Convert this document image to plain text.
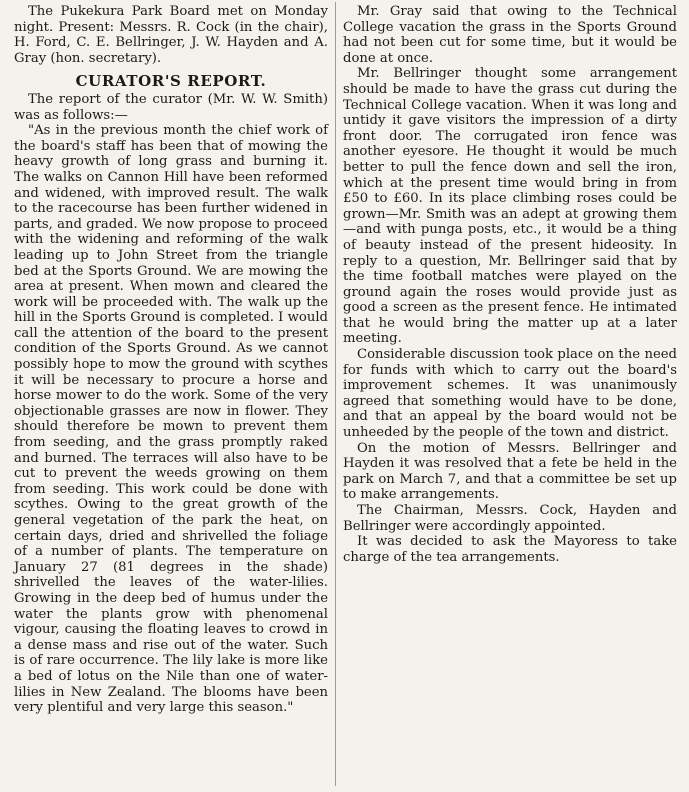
The Pukekura Park Board met on Monday night. Present: Messrs. R. Cock (in the chair), H. Ford, C. E. Bellringer, J. W. Hayden and A. Gray (hon. secretary).

CURATOR'S REPORT.

The report of the curator (Mr. W. W. Smith) was as follows:—

"As in the previous month the chief work of the board's staff has been that of mowing the heavy growth of long grass and burning it. The walks on Cannon Hill have been reformed and widened, with improved result. The walk to the racecourse has been further widened in parts, and graded. We now propose to proceed with the widening and reforming of the walk leading up to John Street from the triangle bed at the Sports Ground. We are mowing the area at present. When mown and cleared the work will be proceeded with. The walk up the hill in the Sports Ground is completed. I would call the attention of the board to the present condition of the Sports Ground. As we cannot possibly hope to mow the ground with scythes it will be necessary to procure a horse and horse mower to do the work. Some of the very objectionable grasses are now in flower. They should therefore be mown to prevent them from seeding, and the grass promptly raked and burned. The terraces will also have to be cut to prevent the weeds growing on them from seeding. This work could be done with scythes. Owing to the great growth of the general vegetation of the park the heat, on certain days, dried and shrivelled the foliage of a number of plants. The temperature on January 27 (81 degrees in the shade) shrivelled the leaves of the water-lilies. Growing in the deep bed of humus under the water the plants grow with phenomenal vigour, causing the floating leaves to crowd in a dense mass and rise out of the water. Such is of rare occurrence. The lily lake is more like a bed of lotus on the Nile than one of water-lilies in New Zealand. The blooms have been very plentiful and very large this season."

Mr. Gray said that owing to the Technical College vacation the grass in the Sports Ground had not been cut for some time, but it would be done at once.

Mr. Bellringer thought some arrangement should be made to have the grass cut during the Technical College vacation. When it was long and untidy it gave visitors the impression of a dirty front door. The corrugated iron fence was another eyesore. He thought it would be much better to pull the fence down and sell the iron, which at the present time would bring in from £50 to £60. In its place climbing roses could be grown—Mr. Smith was an adept at growing them—and with punga posts, etc., it would be a thing of beauty instead of the present hideosity. In reply to a question, Mr. Bellringer said that by the time football matches were played on the ground again the roses would provide just as good a screen as the present fence. He intimated that he would bring the matter up at a later meeting.

Considerable discussion took place on the need for funds with which to carry out the board's improvement schemes. It was unanimously agreed that something would have to be done, and that an appeal by the board would not be unheeded by the people of the town and district.

On the motion of Messrs. Bellringer and Hayden it was resolved that a fete be held in the park on March 7, and that a committee be set up to make arrangements.

The Chairman, Messrs. Cock, Hayden and Bellringer were accordingly appointed.

It was decided to ask the Mayoress to take charge of the tea arrangements.
